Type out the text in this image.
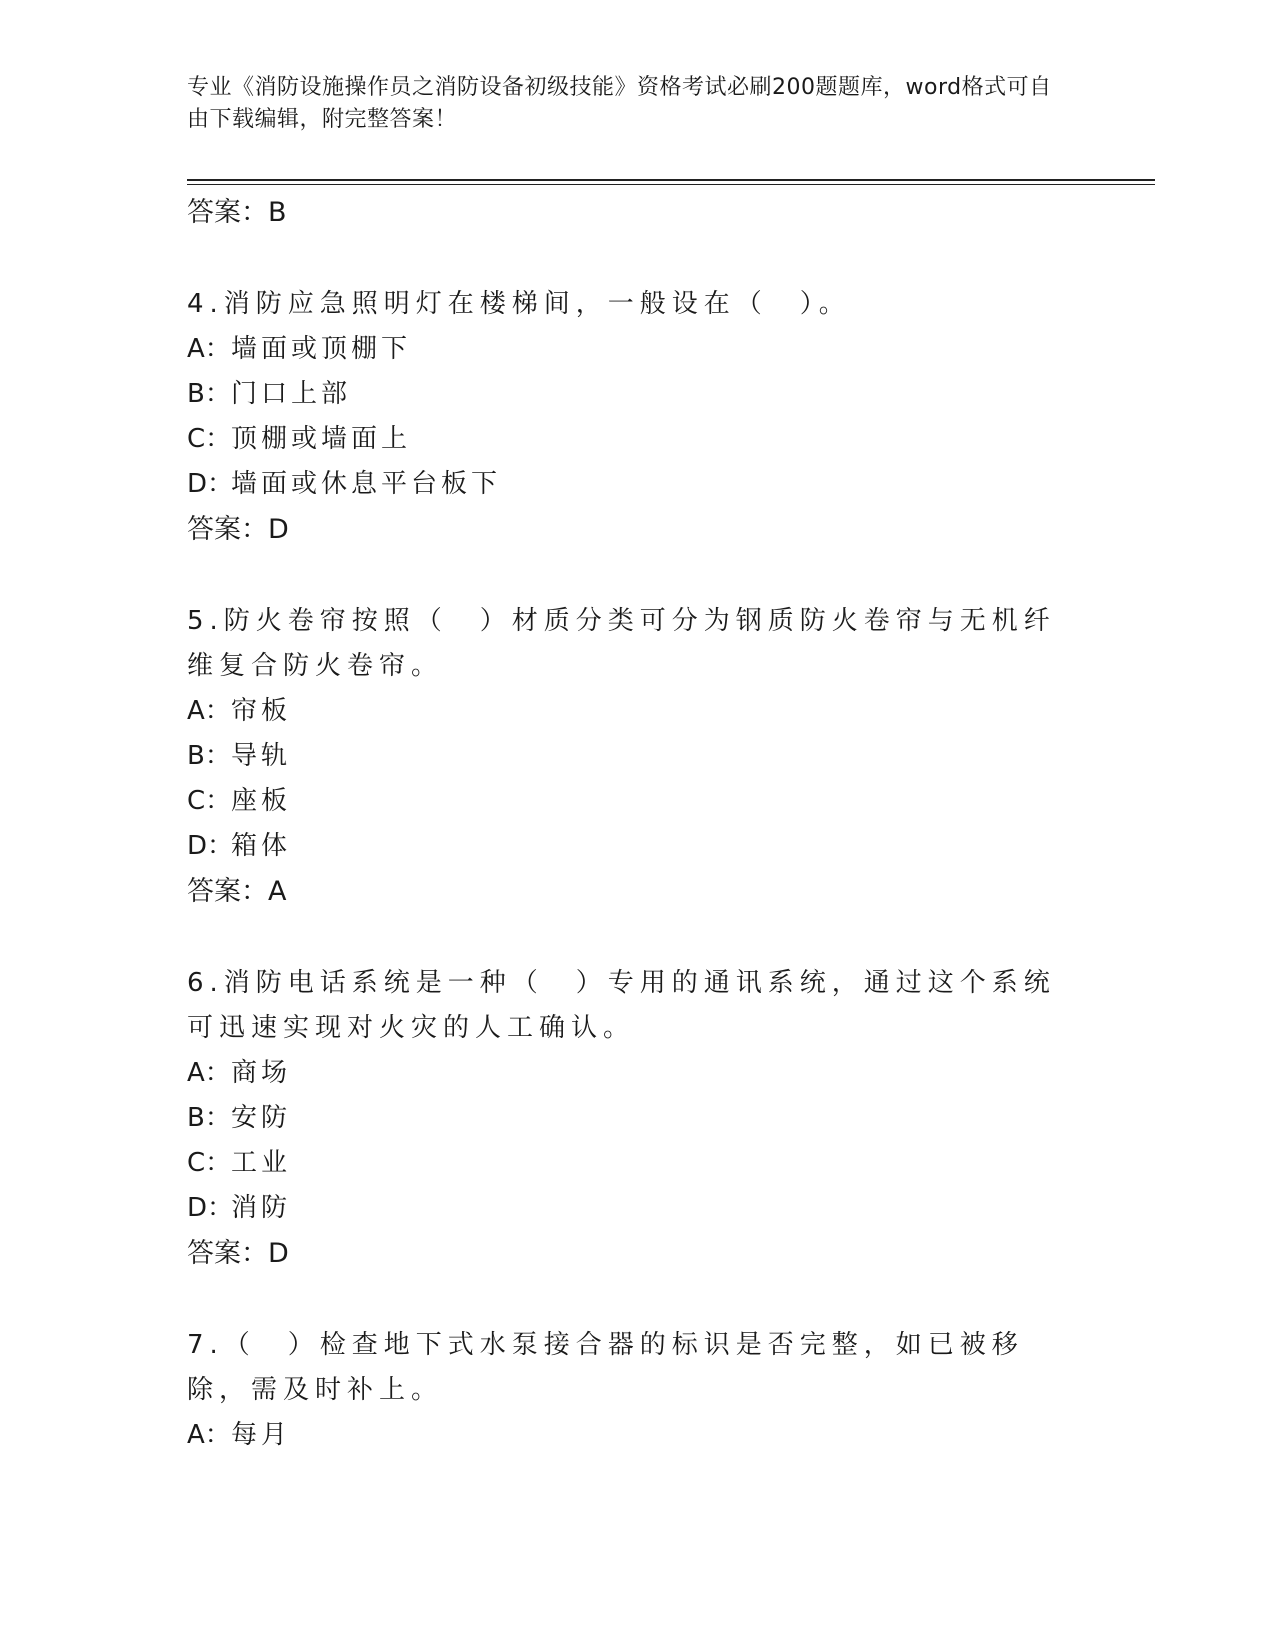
专业《消防设施操作员之消防设备初级技能》资格考试必刷200题题库，word格式可自由下载编辑，附完整答案！

答案：B

4.消防应急照明灯在楼梯间，一般设在（　）。

A： 墙面或顶棚下
B： 门口上部
C： 顶棚或墙面上
D：
墙面或休息平台板下

答案：D

5.防火卷帘按照（　）材质分类可分为钢质防火卷帘与无机纤维复合防火卷帘。

A： 帘板
B： 导轨
C： 座板
D：
箱体

答案：A

6.消防电话系统是一种（　）专用的通讯系统，通过这个系统可迅速实现对火灾的人工确认。

A： 商场
B： 安防
C： 工业
D：
消防

答案：D

7.（　）检查地下式水泵接合器的标识是否完整，如已被移除，需及时补上。

A： 每月
